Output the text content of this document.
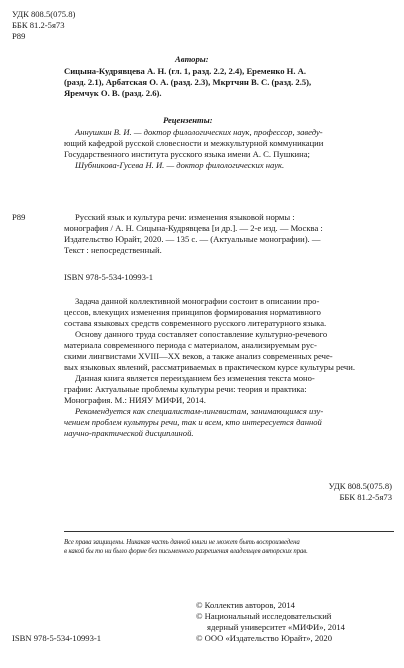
УДК 808.5(075.8)
ББК 81.2-5я73
Р89
Авторы:
Сицына-Кудрявцева А. Н. (гл. 1, разд. 2.2, 2.4), Еременко Н. А.
(разд. 2.1), Арбатская О. А. (разд. 2.3), Мкртчян В. С. (разд. 2.5),
Яремчук О. В. (разд. 2.6).
Рецензенты:
Аннушкин В. И. — доктор филологических наук, профессор, заведу-
ющий кафедрой русской словесности и межкультурной коммуникации
Государственного института русского языка имени А. С. Пушкина;
Шубникова-Гусева Н. И. — доктор филологических наук.
Р89	Русский язык и культура речи: изменения языковой нормы :
монография / А. Н. Сицына-Кудрявцева [и др.]. — 2-е изд. — Москва :
Издательство Юрайт, 2020. — 135 с. — (Актуальные монографии). —
Текст : непосредственный.
ISBN 978-5-534-10993-1
Задача данной коллективной монографии состоит в описании про-
цессов, влекущих изменения принципов формирования нормативного
состава языковых средств современного русского литературного языка.
Основу данного труда составляет сопоставление культурно-речевого
материала современного периода с материалом, анализируемым рус-
скими лингвистами XVIII—XX веков, а также анализ современных рече-
вых языковых явлений, рассматриваемых в практическом курсе культуры речи.
Данная книга является переизданием без изменения текста моно-
графии: Актуальные проблемы культуры речи: теория и практика:
Монография. М.: НИЯУ МИФИ, 2014.
Рекомендуется как специалистам-лингвистам, занимающимся изу-
чением проблем культуры речи, так и всем, кто интересуется данной
научно-практической дисциплиной.
УДК 808.5(075.8)
ББК 81.2-5я73
Все права защищены. Никакая часть данной книги не может быть воспроизведена
в какой бы то ни было форме без письменного разрешения владельцев авторских прав.
© Коллектив авторов, 2014
© Национальный исследовательский
ядерный университет «МИФИ», 2014
© ООО «Издательство Юрайт», 2020
ISBN 978-5-534-10993-1
